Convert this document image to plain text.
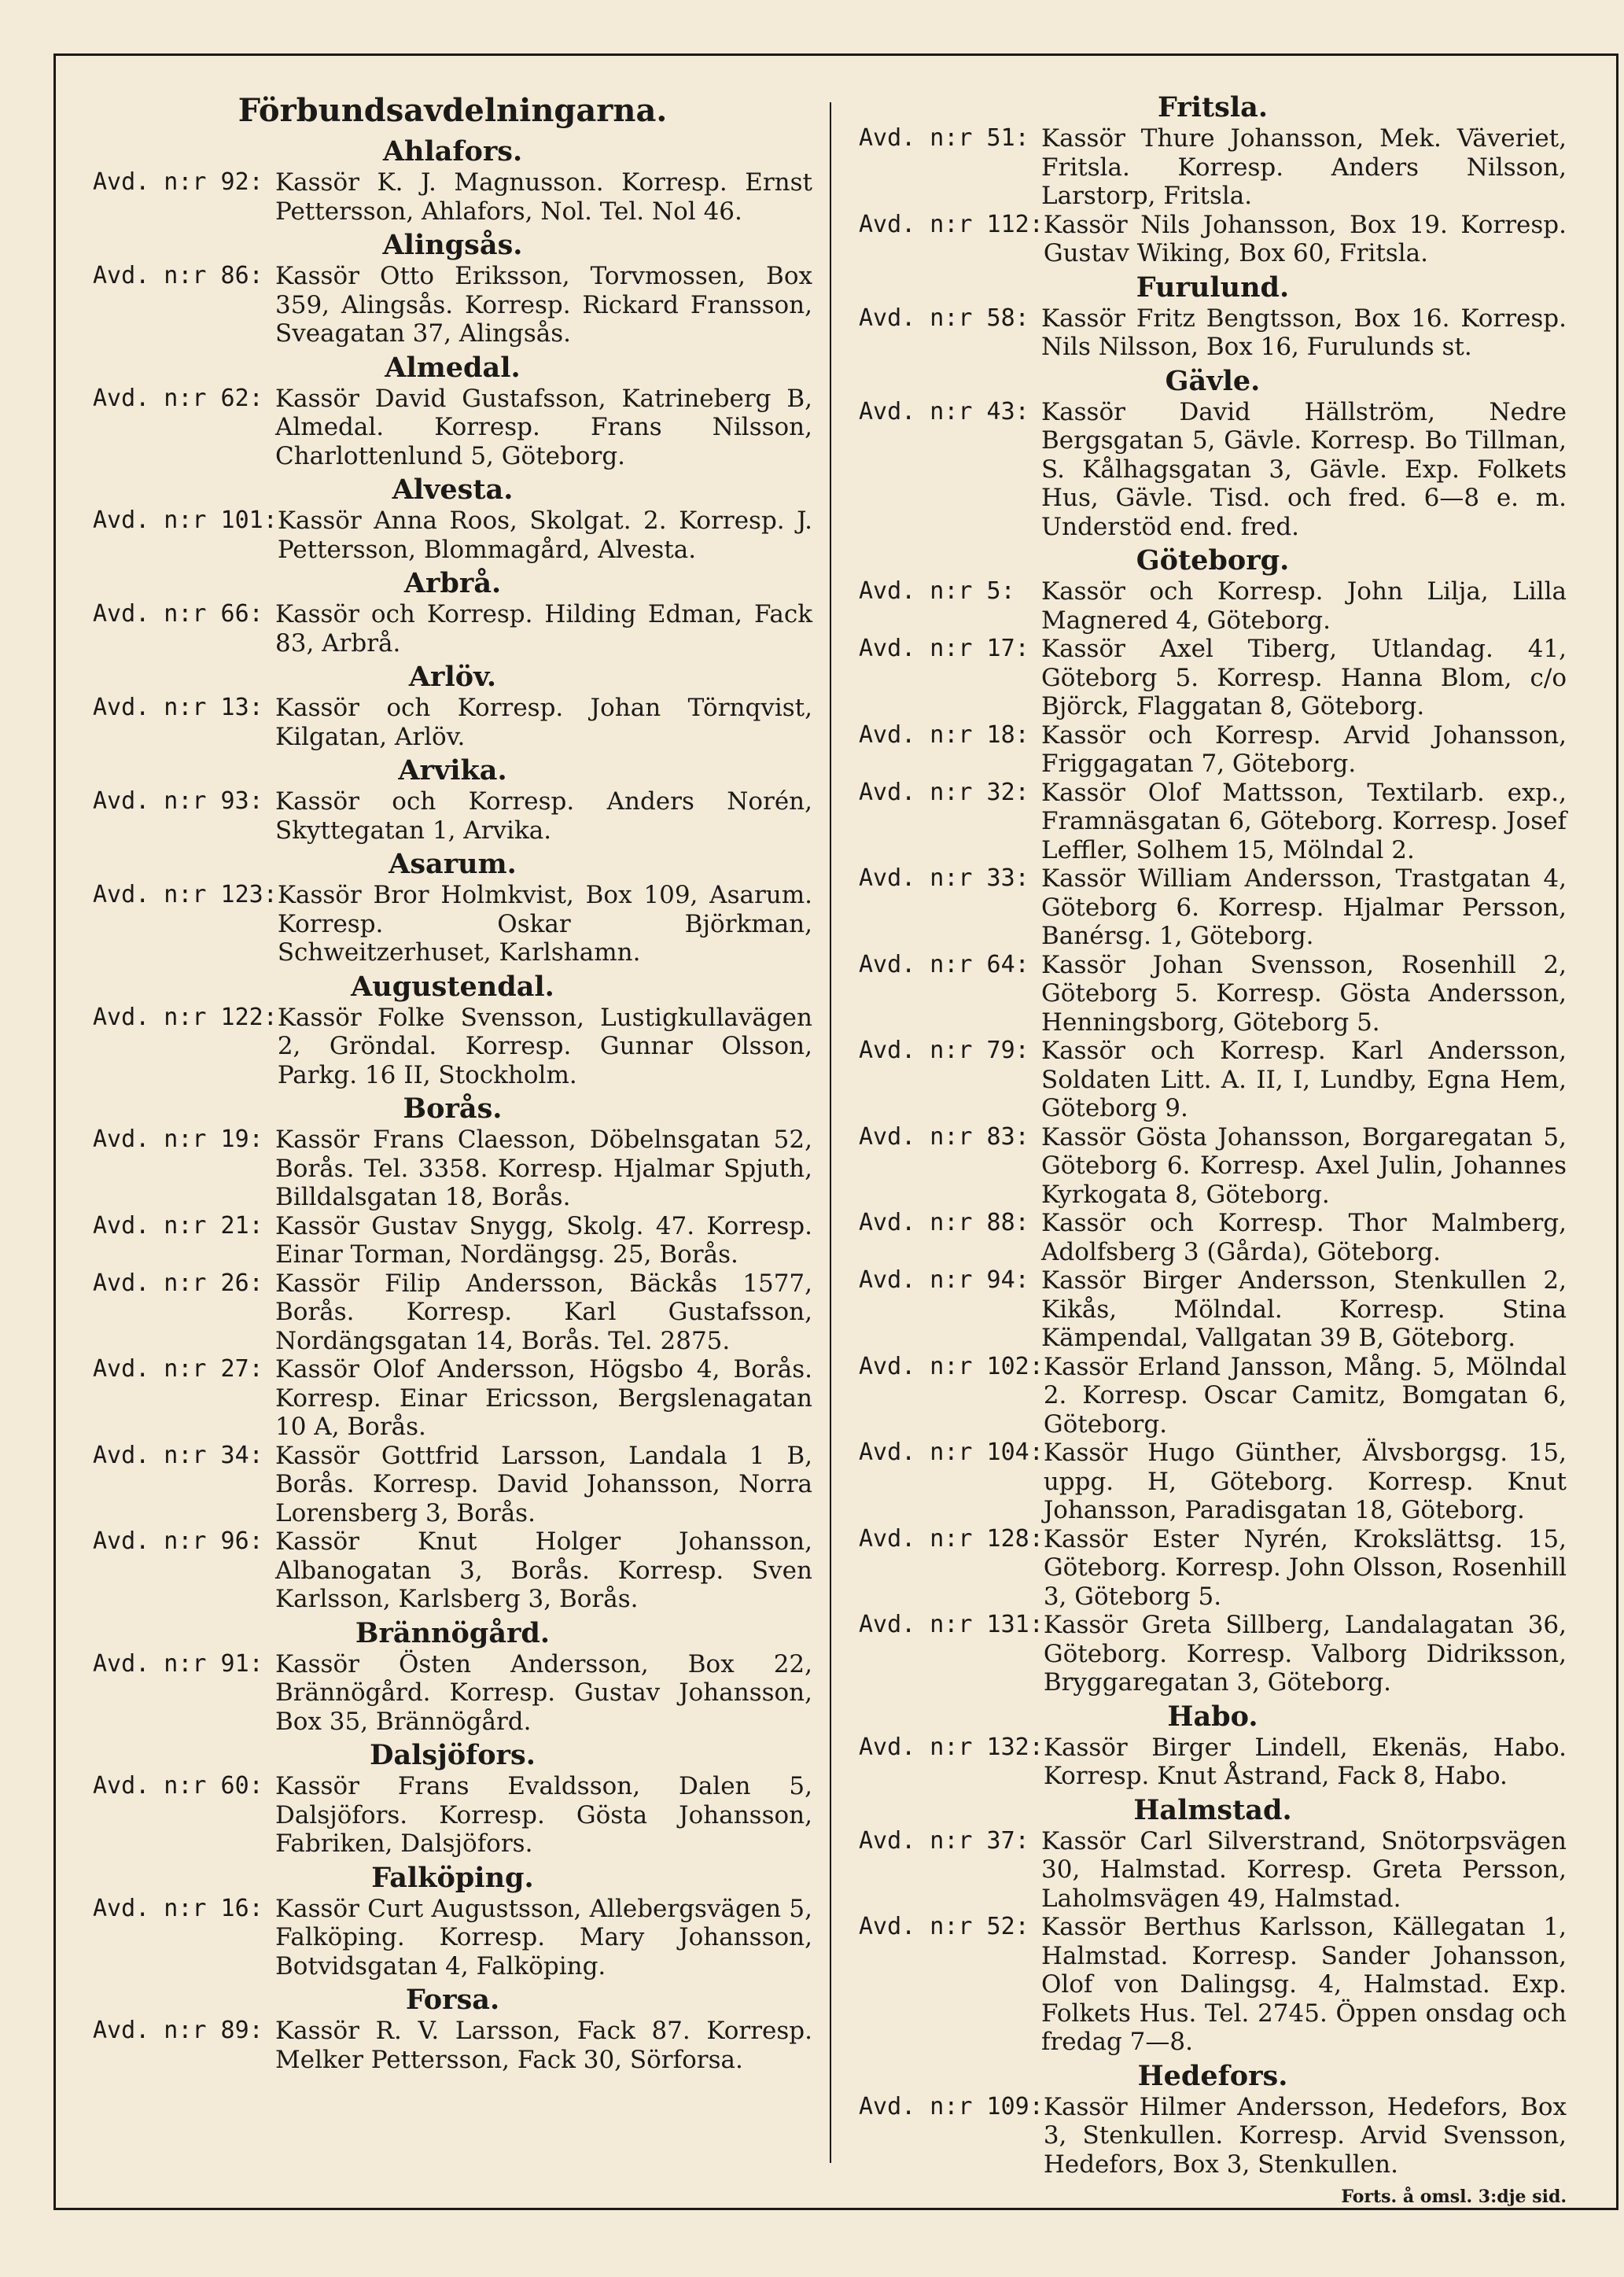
Förbundsavdelningarna.
Ahlafors.
Avd. n:r 92: Kassör K. J. Magnusson. Korresp. Ernst Pettersson, Ahlafors, Nol. Tel. Nol 46.
Alingsås.
Avd. n:r 86: Kassör Otto Eriksson, Torvmossen, Box 359, Alingsås. Korresp. Rickard Fransson, Sveagatan 37, Alingsås.
Almedal.
Avd. n:r 62: Kassör David Gustafsson, Katrineberg B, Almedal. Korresp. Frans Nilsson, Charlottenlund 5, Göteborg.
Alvesta.
Avd. n:r 101: Kassör Anna Roos, Skolgat. 2. Korresp. J. Pettersson, Blommagård, Alvesta.
Arbrå.
Avd. n:r 66: Kassör och Korresp. Hilding Edman, Fack 83, Arbrå.
Arlöv.
Avd. n:r 13: Kassör och Korresp. Johan Törnqvist, Kilgatan, Arlöv.
Arvika.
Avd. n:r 93: Kassör och Korresp. Anders Norén, Skyttegatan 1, Arvika.
Asarum.
Avd. n:r 123: Kassör Bror Holmkvist, Box 109, Asarum. Korresp. Oskar Björkman, Schweitzerhuset, Karlshamn.
Augustendal.
Avd. n:r 122: Kassör Folke Svensson, Lustigkullavägen 2, Gröndal. Korresp. Gunnar Olsson, Parkg. 16 II, Stockholm.
Borås.
Avd. n:r 19: Kassör Frans Claesson, Döbelnsgatan 52, Borås. Tel. 3358. Korresp. Hjalmar Spjuth, Billdalsgatan 18, Borås.
Avd. n:r 21: Kassör Gustav Snygg, Skolg. 47. Korresp. Einar Torman, Nordängsg. 25, Borås.
Avd. n:r 26: Kassör Filip Andersson, Bäckås 1577, Borås. Korresp. Karl Gustafsson, Nordängsgatan 14, Borås. Tel. 2875.
Avd. n:r 27: Kassör Olof Andersson, Högsbo 4, Borås. Korresp. Einar Ericsson, Bergslenagatan 10 A, Borås.
Avd. n:r 34: Kassör Gottfrid Larsson, Landala 1 B, Borås. Korresp. David Johansson, Norra Lorensberg 3, Borås.
Avd. n:r 96: Kassör Knut Holger Johansson, Albanogatan 3, Borås. Korresp. Sven Karlsson, Karlsberg 3, Borås.
Brännögård.
Avd. n:r 91: Kassör Östen Andersson, Box 22, Brännögård. Korresp. Gustav Johansson, Box 35, Brännögård.
Dalsjöfors.
Avd. n:r 60: Kassör Frans Evaldsson, Dalen 5, Dalsjöfors. Korresp. Gösta Johansson, Fabriken, Dalsjöfors.
Falköping.
Avd. n:r 16: Kassör Curt Augustsson, Allebergsvägen 5, Falköping. Korresp. Mary Johansson, Botvidsgatan 4, Falköping.
Forsa.
Avd. n:r 89: Kassör R. V. Larsson, Fack 87. Korresp. Melker Pettersson, Fack 30, Sörforsa.
Fritsla.
Avd. n:r 51: Kassör Thure Johansson, Mek. Väveriet, Fritsla. Korresp. Anders Nilsson, Larstorp, Fritsla.
Avd. n:r 112: Kassör Nils Johansson, Box 19. Korresp. Gustav Wiking, Box 60, Fritsla.
Furulund.
Avd. n:r 58: Kassör Fritz Bengtsson, Box 16. Korresp. Nils Nilsson, Box 16, Furulunds st.
Gävle.
Avd. n:r 43: Kassör David Hällström, Nedre Bergsgatan 5, Gävle. Korresp. Bo Tillman, S. Kålhagsgatan 3, Gävle. Exp. Folkets Hus, Gävle. Tisd. och fred. 6—8 e. m. Understöd end. fred.
Göteborg.
Avd. n:r 5:	Kassör och Korresp. John Lilja, Lilla Magnered 4, Göteborg.
Avd. n:r 17: Kassör Axel Tiberg, Utlandag. 41, Göteborg 5. Korresp. Hanna Blom, c/o Björck, Flaggatan 8, Göteborg.
Avd. n:r 18: Kassör och Korresp. Arvid Johansson, Friggagatan 7, Göteborg.
Avd. n:r 32: Kassör Olof Mattsson, Textilarb. exp., Framnäsgatan 6, Göteborg. Korresp. Josef Leffler, Solhem 15, Mölndal 2.
Avd. n:r 33: Kassör William Andersson, Trastgatan 4, Göteborg 6. Korresp. Hjalmar Persson, Banérsg. 1, Göteborg.
Avd. n:r 64: Kassör Johan Svensson, Rosenhill 2, Göteborg 5. Korresp. Gösta Andersson, Henningsborg, Göteborg 5.
Avd. n:r 79: Kassör och Korresp. Karl Andersson, Soldaten Litt. A. II, I, Lundby, Egna Hem, Göteborg 9.
Avd. n:r 83: Kassör Gösta Johansson, Borgaregatan 5, Göteborg 6. Korresp. Axel Julin, Johannes Kyrkogata 8, Göteborg.
Avd. n:r 88: Kassör och Korresp. Thor Malmberg, Adolfsberg 3 (Gårda), Göteborg.
Avd. n:r 94: Kassör Birger Andersson, Stenkullen 2, Kikås, Mölndal. Korresp. Stina Kämpendal, Vallgatan 39 B, Göteborg.
Avd. n:r 102: Kassör Erland Jansson, Mång. 5, Mölndal 2. Korresp. Oscar Camitz, Bomgatan 6, Göteborg.
Avd. n:r 104: Kassör Hugo Günther, Älvsborgsg. 15, uppg. H, Göteborg. Korresp. Knut Johansson, Paradisgatan 18, Göteborg.
Avd. n:r 128: Kassör Ester Nyrén, Krokslättsg. 15, Göteborg. Korresp. John Olsson, Rosenhill 3, Göteborg 5.
Avd. n:r 131: Kassör Greta Sillberg, Landalagatan 36, Göteborg. Korresp. Valborg Didriksson, Bryggaregatan 3, Göteborg.
Habo.
Avd. n:r 132: Kassör Birger Lindell, Ekenäs, Habo. Korresp. Knut Åstrand, Fack 8, Habo.
Halmstad.
Avd. n:r 37: Kassör Carl Silverstrand, Snötorpsvägen 30, Halmstad. Korresp. Greta Persson, Laholmsvägen 49, Halmstad.
Avd. n:r 52: Kassör Berthus Karlsson, Källegatan 1, Halmstad. Korresp. Sander Johansson, Olof von Dalingsg. 4, Halmstad. Exp. Folkets Hus. Tel. 2745. Öppen onsdag och fredag 7—8.
Hedefors.
Avd. n:r 109: Kassör Hilmer Andersson, Hedefors, Box 3, Stenkullen. Korresp. Arvid Svensson, Hedefors, Box 3, Stenkullen.
Forts. å omsl. 3:dje sid.
